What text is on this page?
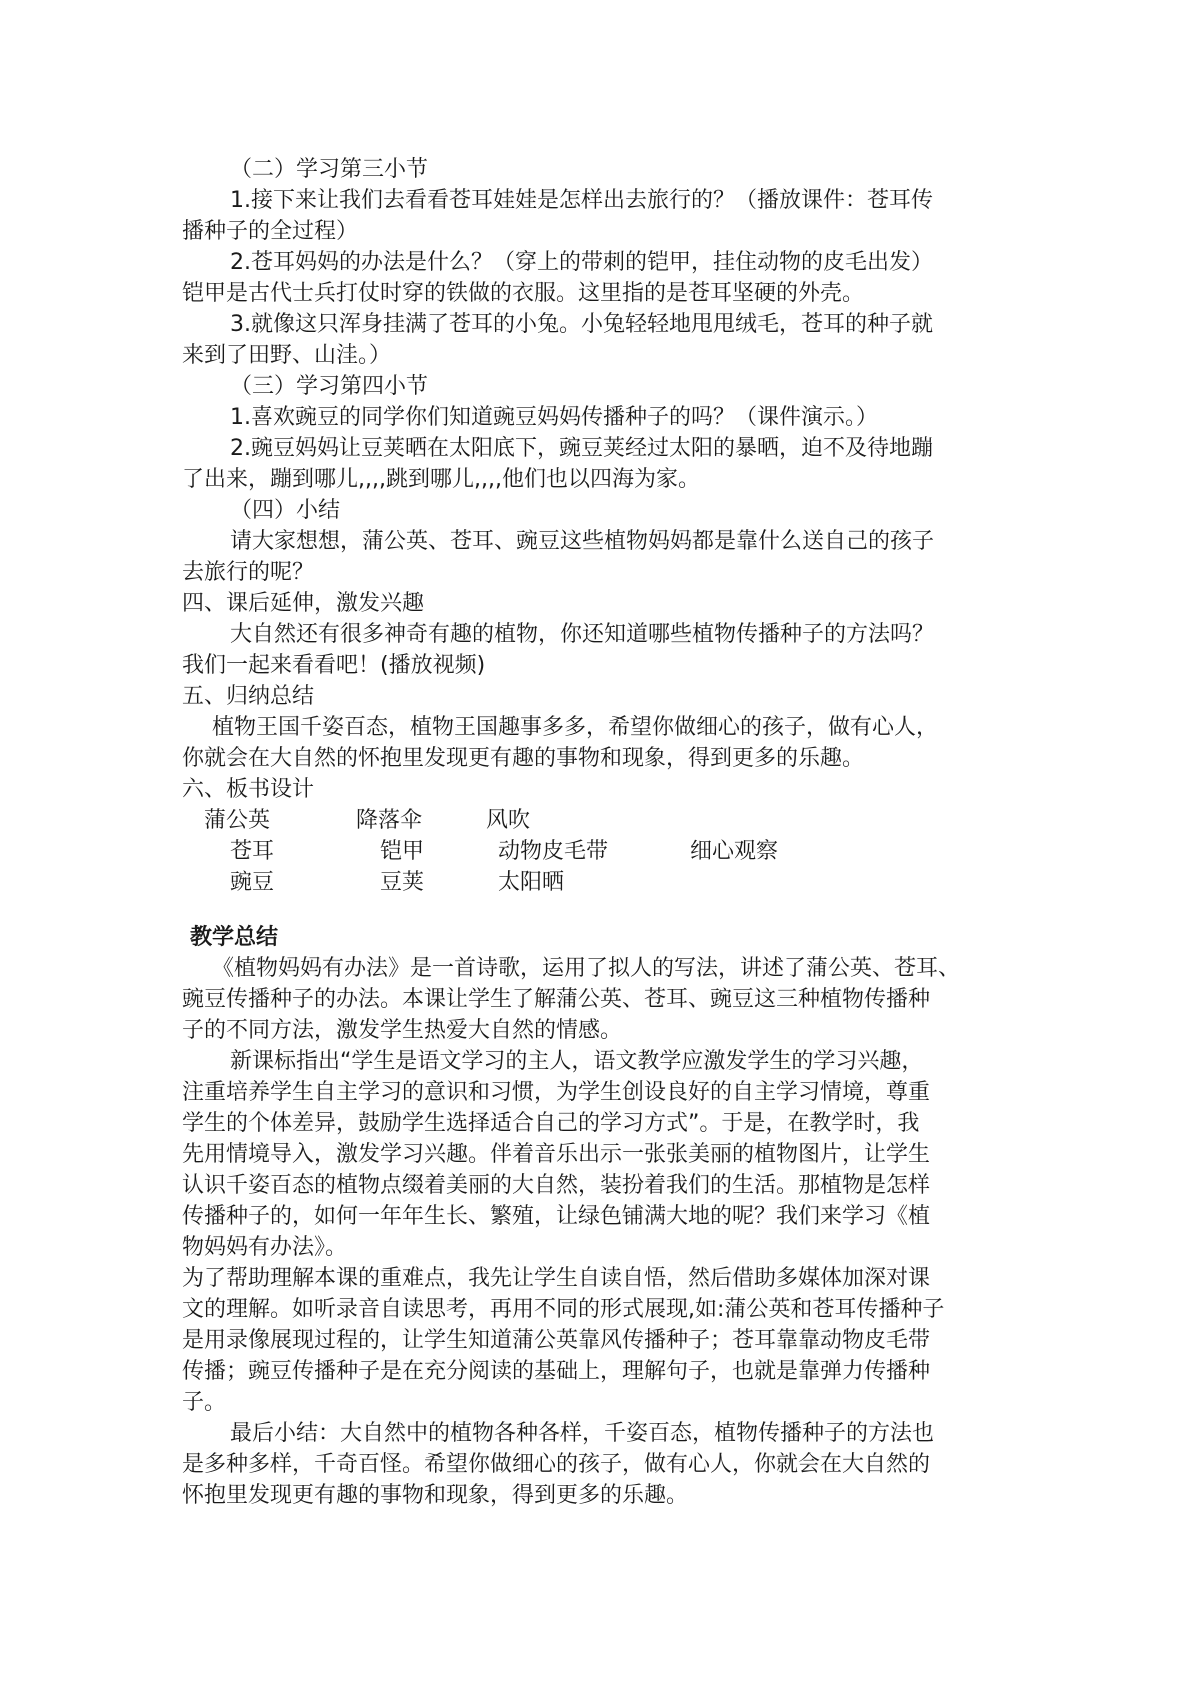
（二）学习第三小节

1.接下来让我们去看看苍耳娃娃是怎样出去旅行的？（播放课件：苍耳传

播种子的全过程）

2.苍耳妈妈的办法是什么？（穿上的带刺的铠甲，挂住动物的皮毛出发）

铠甲是古代士兵打仗时穿的铁做的衣服。这里指的是苍耳坚硬的外壳。

3.就像这只浑身挂满了苍耳的小兔。小兔轻轻地甩甩绒毛，苍耳的种子就

来到了田野、山洼。）

（三）学习第四小节

1.喜欢豌豆的同学你们知道豌豆妈妈传播种子的吗？（课件演示。）

2.豌豆妈妈让豆荚晒在太阳底下，豌豆荚经过太阳的暴晒，迫不及待地蹦

了出来，蹦到哪儿,,,,跳到哪儿,,,,他们也以四海为家。

（四）小结

请大家想想，蒲公英、苍耳、豌豆这些植物妈妈都是靠什么送自己的孩子

去旅行的呢？

四、课后延伸，激发兴趣

大自然还有很多神奇有趣的植物，你还知道哪些植物传播种子的方法吗？

我们一起来看看吧！(播放视频)

五、归纳总结

植物王国千姿百态，植物王国趣事多多，希望你做细心的孩子，做有心人，

你就会在大自然的怀抱里发现更有趣的事物和现象，得到更多的乐趣。

六、板书设计

蒲公英	降落伞	风吹
苍耳	铠甲	动物皮毛带	细心观察
豌豆	豆荚	太阳晒

教学总结

《植物妈妈有办法》是一首诗歌，运用了拟人的写法，讲述了蒲公英、苍耳、

豌豆传播种子的办法。本课让学生了解蒲公英、苍耳、豌豆这三种植物传播种

子的不同方法，激发学生热爱大自然的情感。

新课标指出“学生是语文学习的主人，语文教学应激发学生的学习兴趣，

注重培养学生自主学习的意识和习惯，为学生创设良好的自主学习情境，尊重

学生的个体差异，鼓励学生选择适合自己的学习方式”。于是，在教学时，我

先用情境导入，激发学习兴趣。伴着音乐出示一张张美丽的植物图片，让学生

认识千姿百态的植物点缀着美丽的大自然，装扮着我们的生活。那植物是怎样

传播种子的，如何一年年生长、繁殖，让绿色铺满大地的呢？我们来学习《植

物妈妈有办法》。

为了帮助理解本课的重难点，我先让学生自读自悟，然后借助多媒体加深对课

文的理解。如听录音自读思考，再用不同的形式展现,如:蒲公英和苍耳传播种子

是用录像展现过程的，让学生知道蒲公英靠风传播种子；苍耳靠靠动物皮毛带

传播；豌豆传播种子是在充分阅读的基础上，理解句子，也就是靠弹力传播种

子。

最后小结：大自然中的植物各种各样，千姿百态，植物传播种子的方法也

是多种多样，千奇百怪。希望你做细心的孩子，做有心人，你就会在大自然的

怀抱里发现更有趣的事物和现象，得到更多的乐趣。
